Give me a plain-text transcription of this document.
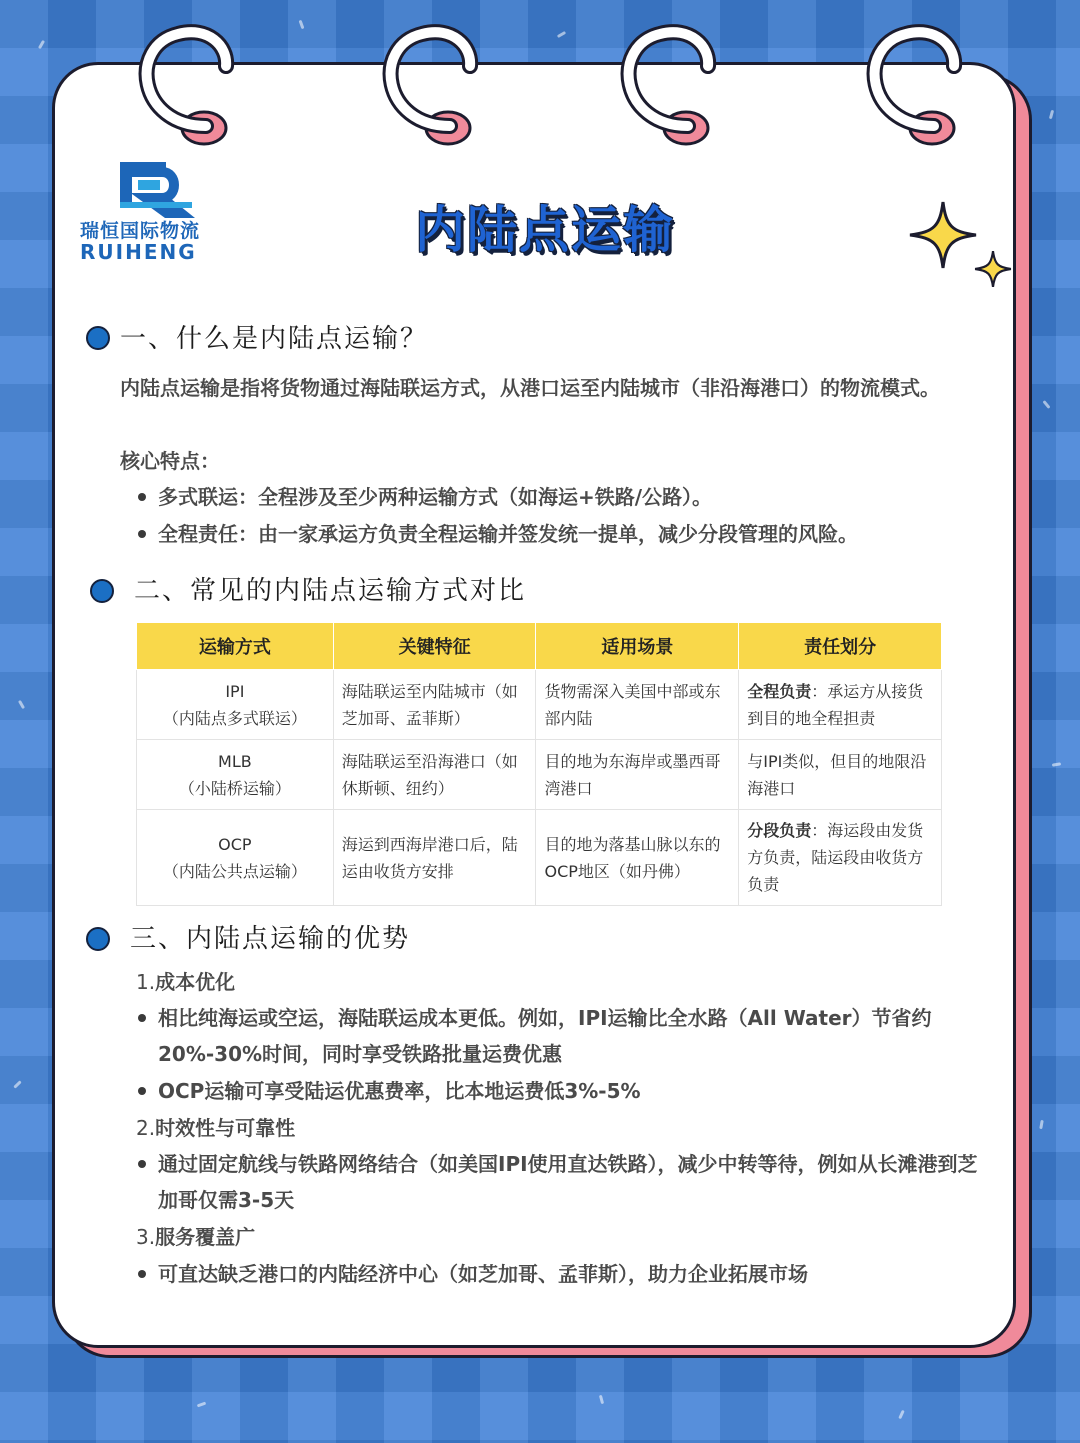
瑞恒国际物流
RUIHENG	内陆点运输
一、什么是内陆点运输？
内陆点运输是指将货物通过海陆联运方式，从港口运至内陆城市（非沿海港口）的物流模式。
核心特点：
多式联运：全程涉及至少两种运输方式（如海运+铁路/公路）。
全程责任：由一家承运方负责全程运输并签发统一提单，减少分段管理的风险。
二、常见的内陆点运输方式对比
运输方式	关键特征	适用场景	责任划分

IPI
（内陆点多式联运）	海陆联运至内陆城市（如芝加哥、孟菲斯）	货物需深入美国中部或东部内陆	全程负责：承运方从接货到目的地全程担责

MLB
（小陆桥运输）	海陆联运至沿海港口（如休斯顿、纽约）	目的地为东海岸或墨西哥湾港口	与IPI类似，但目的地限沿海港口

OCP
（内陆公共点运输）	海运到西海岸港口后，陆运由收货方安排	目的地为落基山脉以东的OCP地区（如丹佛）	分段负责：海运段由发货方负责，陆运段由收货方负责
三、内陆点运输的优势
1.成本优化
相比纯海运或空运，海陆联运成本更低。例如，IPI运输比全水路（All Water）节省约20%-30%时间，同时享受铁路批量运费优惠
OCP运输可享受陆运优惠费率，比本地运费低3%-5%
2.时效性与可靠性
通过固定航线与铁路网络结合（如美国IPI使用直达铁路），减少中转等待，例如从长滩港到芝加哥仅需3-5天
3.服务覆盖广
可直达缺乏港口的内陆经济中心（如芝加哥、孟菲斯），助力企业拓展市场
